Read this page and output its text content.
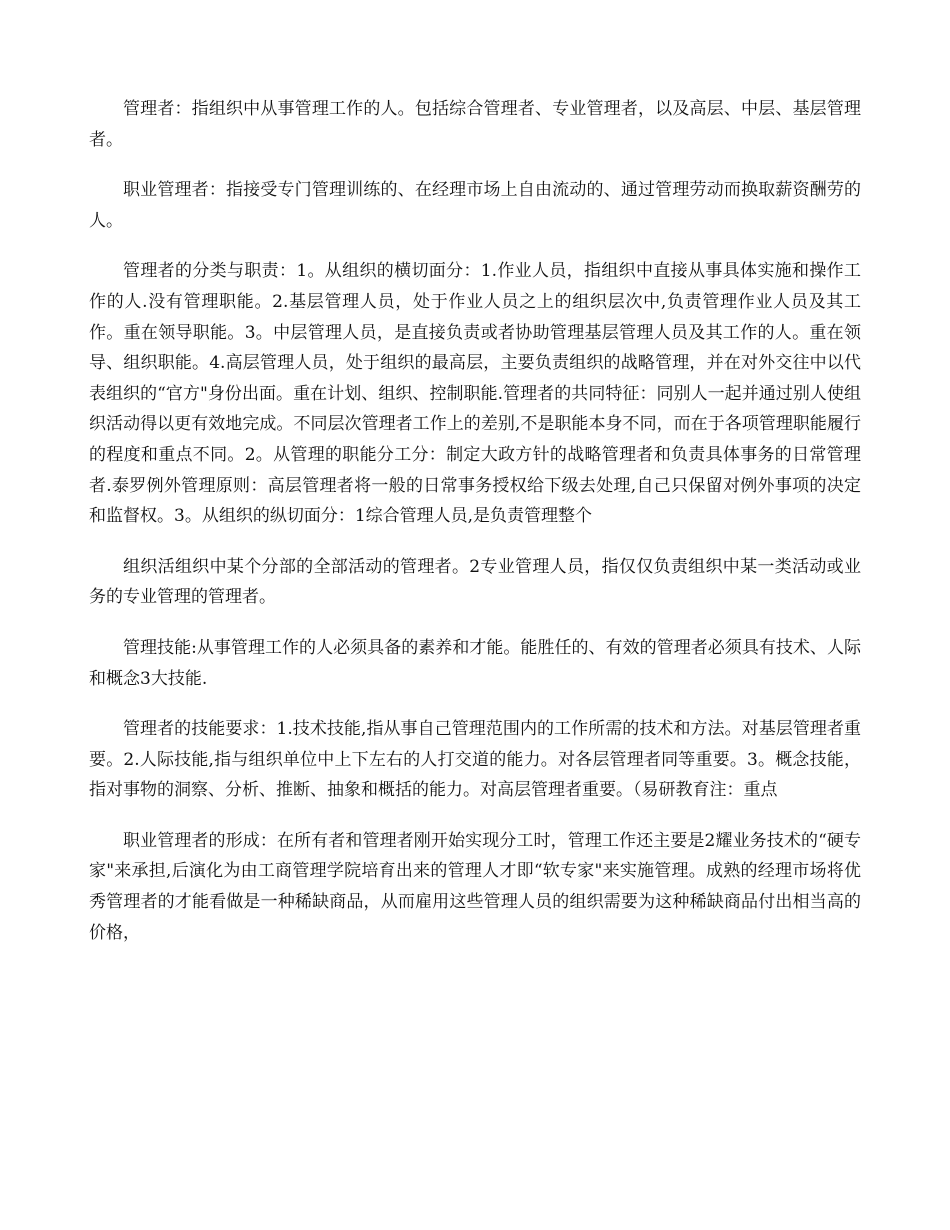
管理者：指组织中从事管理工作的人。包括综合管理者、专业管理者，以及高层、中层、基层管理者。

职业管理者：指接受专门管理训练的、在经理市场上自由流动的、通过管理劳动而换取薪资酬劳的人。

管理者的分类与职责：1。从组织的横切面分：1.作业人员，指组织中直接从事具体实施和操作工作的人.没有管理职能。2.基层管理人员，处于作业人员之上的组织层次中,负责管理作业人员及其工作。重在领导职能。3。中层管理人员，是直接负责或者协助管理基层管理人员及其工作的人。重在领导、组织职能。4.高层管理人员，处于组织的最高层，主要负责组织的战略管理，并在对外交往中以代表组织的“官方"身份出面。重在计划、组织、控制职能.管理者的共同特征：同别人一起并通过别人使组织活动得以更有效地完成。不同层次管理者工作上的差别,不是职能本身不同，而在于各项管理职能履行的程度和重点不同。2。从管理的职能分工分：制定大政方针的战略管理者和负责具体事务的日常管理者.泰罗例外管理原则：高层管理者将一般的日常事务授权给下级去处理,自己只保留对例外事项的决定和监督权。3。从组织的纵切面分：1综合管理人员,是负责管理整个

组织活组织中某个分部的全部活动的管理者。2专业管理人员，指仅仅负责组织中某一类活动或业务的专业管理的管理者。

管理技能:从事管理工作的人必须具备的素养和才能。能胜任的、有效的管理者必须具有技术、人际和概念3大技能.

管理者的技能要求：1.技术技能,指从事自己管理范围内的工作所需的技术和方法。对基层管理者重要。2.人际技能,指与组织单位中上下左右的人打交道的能力。对各层管理者同等重要。3。概念技能，指对事物的洞察、分析、推断、抽象和概括的能力。对高层管理者重要。（易研教育注：重点

职业管理者的形成：在所有者和管理者刚开始实现分工时，管理工作还主要是2耀业务技术的“硬专家"来承担,后演化为由工商管理学院培育出来的管理人才即“软专家"来实施管理。成熟的经理市场将优秀管理者的才能看做是一种稀缺商品，从而雇用这些管理人员的组织需要为这种稀缺商品付出相当高的价格，
